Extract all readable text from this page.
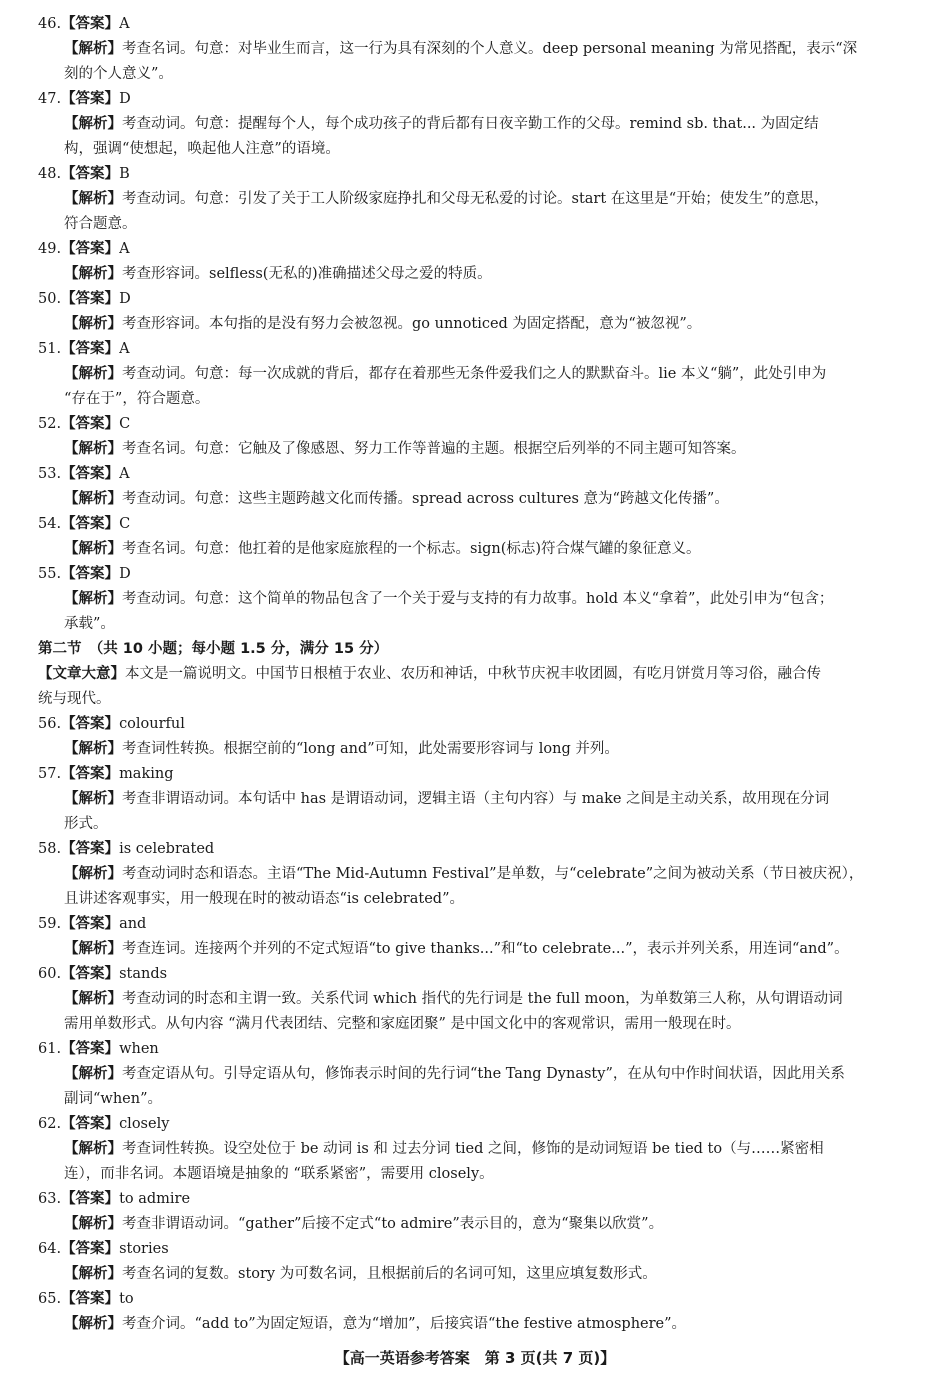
46.【答案】A
【解析】考查名词。句意：对毕业生而言，这一行为具有深刻的个人意义。deep personal meaning 为常见搭配，表示“深
刻的个人意义”。
47.【答案】D
【解析】考查动词。句意：提醒每个人，每个成功孩子的背后都有日夜辛勤工作的父母。remind sb. that... 为固定结
构，强调“使想起，唤起他人注意”的语境。
48.【答案】B
【解析】考查动词。句意：引发了关于工人阶级家庭挣扎和父母无私爱的讨论。start 在这里是“开始；使发生”的意思，
符合题意。
49.【答案】A
【解析】考查形容词。selfless(无私的)准确描述父母之爱的特质。
50.【答案】D
【解析】考查形容词。本句指的是没有努力会被忽视。go unnoticed 为固定搭配，意为“被忽视”。
51.【答案】A
【解析】考查动词。句意：每一次成就的背后，都存在着那些无条件爱我们之人的默默奋斗。lie 本义“躺”，此处引申为
“存在于”，符合题意。
52.【答案】C
【解析】考查名词。句意：它触及了像感恩、努力工作等普遍的主题。根据空后列举的不同主题可知答案。
53.【答案】A
【解析】考查动词。句意：这些主题跨越文化而传播。spread across cultures 意为“跨越文化传播”。
54.【答案】C
【解析】考查名词。句意：他扛着的是他家庭旅程的一个标志。sign(标志)符合煤气罐的象征意义。
55.【答案】D
【解析】考查动词。句意：这个简单的物品包含了一个关于爱与支持的有力故事。hold 本义“拿着”，此处引申为“包含；
承载”。
第二节　（共 10 小题；每小题 1.5 分，满分 15 分）
【文章大意】本文是一篇说明文。中国节日根植于农业、农历和神话，中秋节庆祝丰收团圆，有吃月饼赏月等习俗，融合传
统与现代。
56.【答案】colourful
【解析】考查词性转换。根据空前的“long and”可知，此处需要形容词与 long 并列。
57.【答案】making
【解析】考查非谓语动词。本句话中 has 是谓语动词，逻辑主语（主句内容）与 make 之间是主动关系，故用现在分词
形式。
58.【答案】is celebrated
【解析】考查动词时态和语态。主语“The Mid-Autumn Festival”是单数，与“celebrate”之间为被动关系（节日被庆祝），
且讲述客观事实，用一般现在时的被动语态“is celebrated”。
59.【答案】and
【解析】考查连词。连接两个并列的不定式短语“to give thanks...”和“to celebrate...”，表示并列关系，用连词“and”。
60.【答案】stands
【解析】考查动词的时态和主谓一致。关系代词 which 指代的先行词是 the full moon，为单数第三人称，从句谓语动词
需用单数形式。从句内容 “满月代表团结、完整和家庭团聚” 是中国文化中的客观常识，需用一般现在时。
61.【答案】when
【解析】考查定语从句。引导定语从句，修饰表示时间的先行词“the Tang Dynasty”，在从句中作时间状语，因此用关系
副词“when”。
62.【答案】closely
【解析】考查词性转换。设空处位于 be 动词 is 和 过去分词 tied 之间，修饰的是动词短语 be tied to（与……紧密相
连），而非名词。本题语境是抽象的 “联系紧密”，需要用 closely。
63.【答案】to admire
【解析】考查非谓语动词。“gather”后接不定式“to admire”表示目的，意为“聚集以欣赏”。
64.【答案】stories
【解析】考查名词的复数。story 为可数名词，且根据前后的名词可知，这里应填复数形式。
65.【答案】to
【解析】考查介词。“add to”为固定短语，意为“增加”，后接宾语“the festive atmosphere”。
【高一英语参考答案　第 3 页(共 7 页)】
